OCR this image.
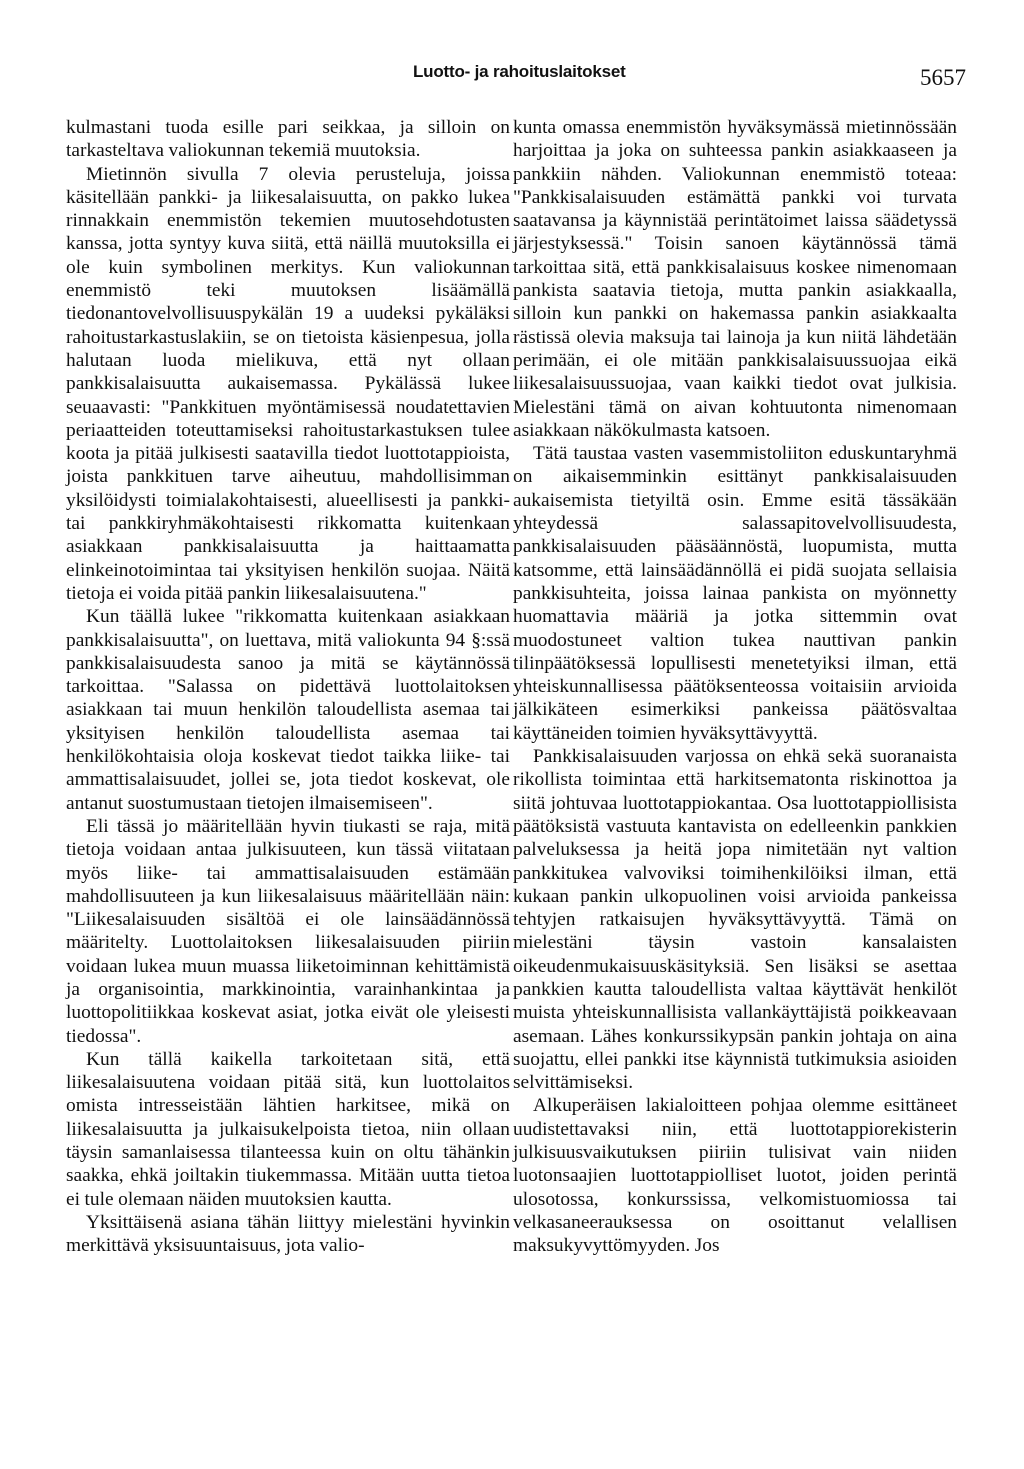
Luotto- ja rahoituslaitokset	5657

kulmastani tuoda esille pari seikkaa, ja silloin on tarkasteltava valiokunnan tekemiä muutoksia.

Mietinnön sivulla 7 olevia perusteluja, joissa käsitellään pankki- ja liikesalaisuutta, on pakko lukea rinnakkain enemmistön tekemien muutosehdotusten kanssa, jotta syntyy kuva siitä, että näillä muutoksilla ei ole kuin symbolinen merkitys. Kun valiokunnan enemmistö teki muutoksen lisäämällä tiedonantovelvollisuuspykälän 19 a uudeksi pykäläksi rahoitustarkastuslakiin, se on tietoista käsienpesua, jolla halutaan luoda mielikuva, että nyt ollaan pankkisalaisuutta aukaisemassa. Pykälässä lukee seuaavasti: "Pankkituen myöntämisessä noudatettavien periaatteiden toteuttamiseksi rahoitustarkastuksen tulee koota ja pitää julkisesti saatavilla tiedot luottotappioista, joista pankkituen tarve aiheutuu, mahdollisimman yksilöidysti toimialakohtaisesti, alueellisesti ja pankki- tai pankkiryhmäkohtaisesti rikkomatta kuitenkaan asiakkaan pankkisalaisuutta ja haittaamatta elinkeinotoimintaa tai yksityisen henkilön suojaa. Näitä tietoja ei voida pitää pankin liikesalaisuutena."

Kun täällä lukee "rikkomatta kuitenkaan asiakkaan pankkisalaisuutta", on luettava, mitä valiokunta 94 §:ssä pankkisalaisuudesta sanoo ja mitä se käytännössä tarkoittaa. "Salassa on pidettävä luottolaitoksen asiakkaan tai muun henkilön taloudellista asemaa tai yksityisen henkilön taloudellista asemaa tai henkilökohtaisia oloja koskevat tiedot taikka liike- tai ammattisalaisuudet, jollei se, jota tiedot koskevat, ole antanut suostumustaan tietojen ilmaisemiseen".

Eli tässä jo määritellään hyvin tiukasti se raja, mitä tietoja voidaan antaa julkisuuteen, kun tässä viitataan myös liike- tai ammattisalaisuuden estämään mahdollisuuteen ja kun liikesalaisuus määritellään näin: "Liikesalaisuuden sisältöä ei ole lainsäädännössä määritelty. Luottolaitoksen liikesalaisuuden piiriin voidaan lukea muun muassa liiketoiminnan kehittämistä ja organisointia, markkinointia, varainhankintaa ja luottopolitiikkaa koskevat asiat, jotka eivät ole yleisesti tiedossa".

Kun tällä kaikella tarkoitetaan sitä, että liikesalaisuutena voidaan pitää sitä, kun luottolaitos omista intresseistään lähtien harkitsee, mikä on liikesalaisuutta ja julkaisukelpoista tietoa, niin ollaan täysin samanlaisessa tilanteessa kuin on oltu tähänkin saakka, ehkä joiltakin tiukemmassa. Mitään uutta tietoa ei tule olemaan näiden muutoksien kautta.

Yksittäisenä asiana tähän liittyy mielestäni hyvinkin merkittävä yksisuuntaisuus, jota valio-

kunta omassa enemmistön hyväksymässä mietinnössään harjoittaa ja joka on suhteessa pankin asiakkaaseen ja pankkiin nähden. Valiokunnan enemmistö toteaa: "Pankkisalaisuuden estämättä pankki voi turvata saatavansa ja käynnistää perintätoimet laissa säädetyssä järjestyksessä." Toisin sanoen käytännössä tämä tarkoittaa sitä, että pankkisalaisuus koskee nimenomaan pankista saatavia tietoja, mutta pankin asiakkaalla, silloin kun pankki on hakemassa pankin asiakkaalta rästissä olevia maksuja tai lainoja ja kun niitä lähdetään perimään, ei ole mitään pankkisalaisuussuojaa eikä liikesalaisuussuojaa, vaan kaikki tiedot ovat julkisia. Mielestäni tämä on aivan kohtuutonta nimenomaan asiakkaan näkökulmasta katsoen.

Tätä taustaa vasten vasemmistoliiton eduskuntaryhmä on aikaisemminkin esittänyt pankkisalaisuuden aukaisemista tietyiltä osin. Emme esitä tässäkään yhteydessä salassapitovelvollisuudesta, pankkisalaisuuden pääsäännöstä, luopumista, mutta katsomme, että lainsäädännöllä ei pidä suojata sellaisia pankkisuhteita, joissa lainaa pankista on myönnetty huomattavia määriä ja jotka sittemmin ovat muodostuneet valtion tukea nauttivan pankin tilinpäätöksessä lopullisesti menetetyiksi ilman, että yhteiskunnallisessa päätöksenteossa voitaisiin arvioida jälkikäteen esimerkiksi pankeissa päätösvaltaa käyttäneiden toimien hyväksyttävyyttä.

Pankkisalaisuuden varjossa on ehkä sekä suoranaista rikollista toimintaa että harkitsematonta riskinottoa ja siitä johtuvaa luottotappiokantaa. Osa luottotappiollisista päätöksistä vastuuta kantavista on edelleenkin pankkien palveluksessa ja heitä jopa nimitetään nyt valtion pankkitukea valvoviksi toimihenkilöiksi ilman, että kukaan pankin ulkopuolinen voisi arvioida pankeissa tehtyjen ratkaisujen hyväksyttävyyttä. Tämä on mielestäni täysin vastoin kansalaisten oikeudenmukaisuuskäsityksiä. Sen lisäksi se asettaa pankkien kautta taloudellista valtaa käyttävät henkilöt muista yhteiskunnallisista vallankäyttäjistä poikkeavaan asemaan. Lähes konkurssikypsän pankin johtaja on aina suojattu, ellei pankki itse käynnistä tutkimuksia asioiden selvittämiseksi.

Alkuperäisen lakialoitteen pohjaa olemme esittäneet uudistettavaksi niin, että luottotappiorekisterin julkisuusvaikutuksen piiriin tulisivat vain niiden luotonsaajien luottotappiolliset luotot, joiden perintä ulosotossa, konkurssissa, velkomistuomiossa tai velkasaneerauksessa on osoittanut velallisen maksukyvyttömyyden. Jos
